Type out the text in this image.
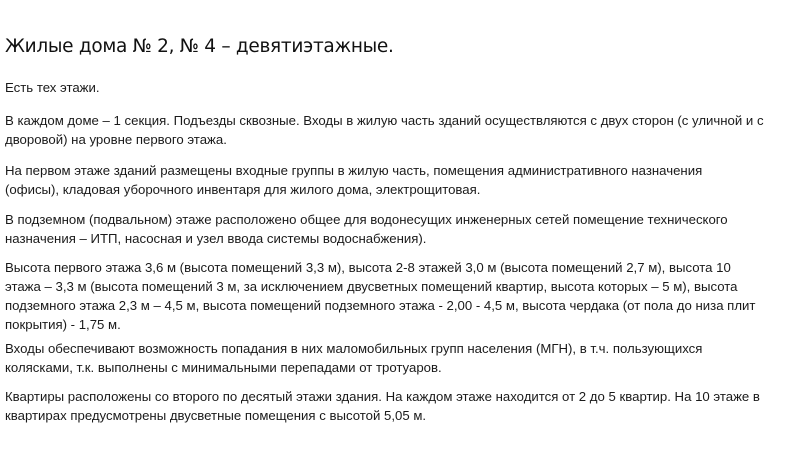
Жилые дома № 2, № 4 – девятиэтажные.

Есть тех этажи.

В каждом доме – 1 секция. Подъезды сквозные. Входы в жилую часть зданий осуществляются с двух сторон (с уличной и с
дворовой) на уровне первого этажа.

На первом этаже зданий размещены входные группы в жилую часть, помещения административного назначения
(офисы), кладовая уборочного инвентаря для жилого дома, электрощитовая.

В подземном (подвальном) этаже расположено общее для водонесущих инженерных сетей помещение технического
назначения – ИТП, насосная и узел ввода системы водоснабжения).

Высота первого этажа 3,6 м (высота помещений 3,3 м), высота 2-8 этажей 3,0 м (высота помещений 2,7 м), высота 10
этажа – 3,3 м (высота помещений 3 м, за исключением двусветных помещений квартир, высота которых – 5 м), высота
подземного этажа 2,3 м – 4,5 м, высота помещений подземного этажа - 2,00 - 4,5 м, высота чердака (от пола до низа плит
покрытия) - 1,75 м.

Входы обеспечивают возможность попадания в них маломобильных групп населения (МГН), в т.ч. пользующихся
колясками, т.к. выполнены с минимальными перепадами от тротуаров.

Квартиры расположены со второго по десятый этажи здания. На каждом этаже находится от 2 до 5 квартир. На 10 этаже в
квартирах предусмотрены двусветные помещения с высотой 5,05 м.
